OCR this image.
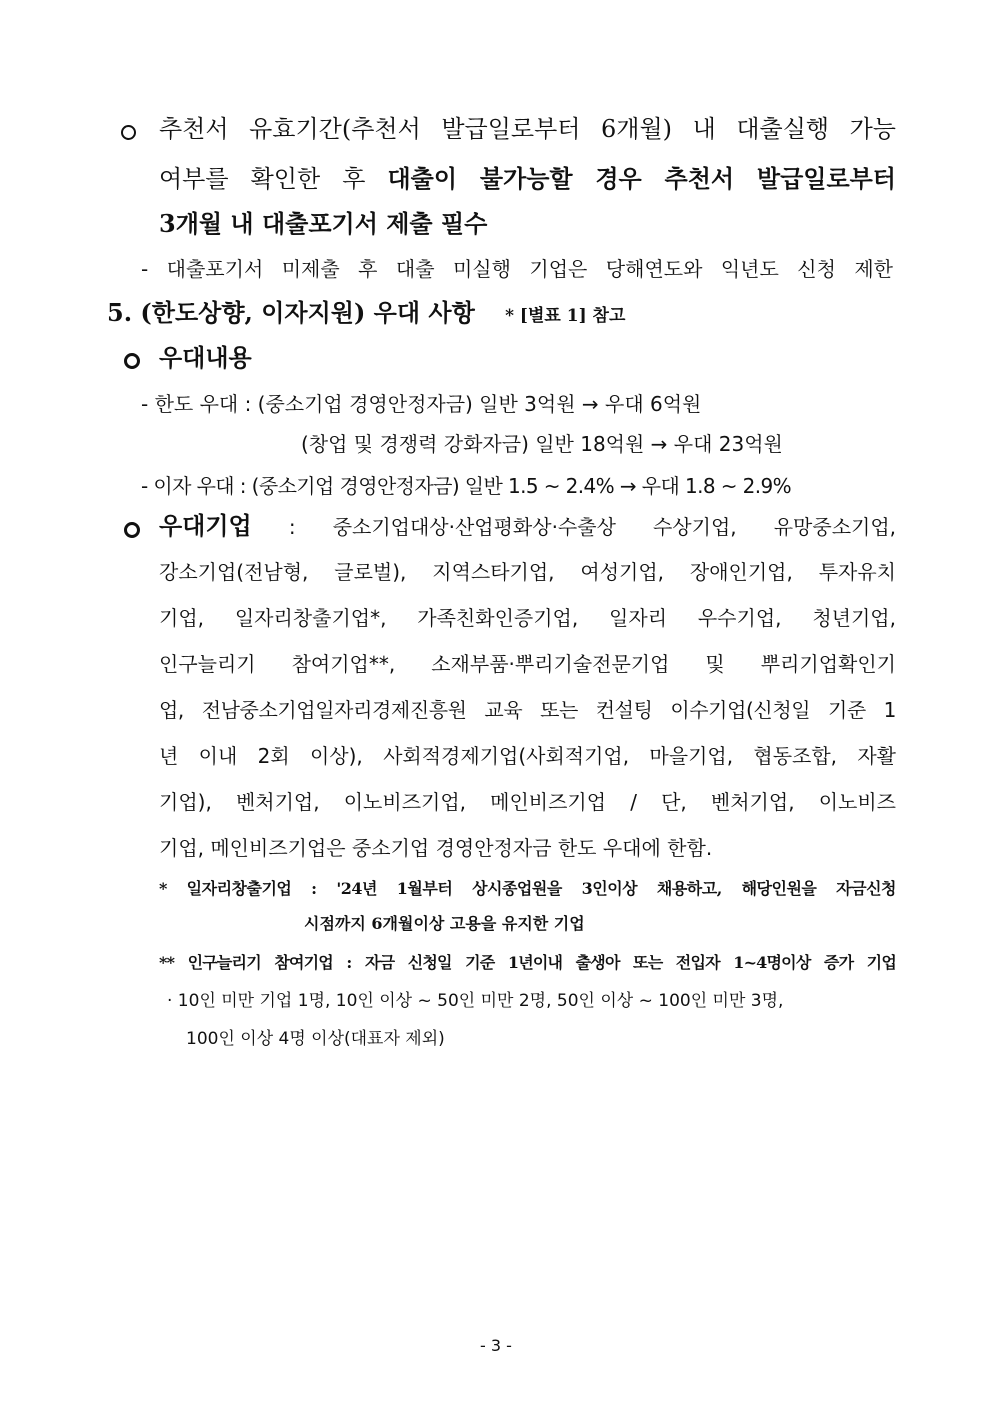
추천서 유효기간(추천서 발급일로부터 6개월) 내 대출실행 가능
여부를 확인한 후 대출이 불가능할 경우 추천서 발급일로부터
3개월 내 대출포기서 제출 필수
- 대출포기서 미제출 후 대출 미실행 기업은 당해연도와 익년도 신청 제한
5. (한도상향, 이자지원) 우대 사항 * [별표 1] 참고
우대내용
- 한도 우대 : (중소기업 경영안정자금) 일반 3억원 → 우대 6억원
(창업 및 경쟁력 강화자금) 일반 18억원 → 우대 23억원
- 이자 우대 : (중소기업 경영안정자금) 일반 1.5 ~ 2.4% → 우대 1.8 ~ 2.9%
우대기업 : 중소기업대상·산업평화상·수출상 수상기업, 유망중소기업,
강소기업(전남형, 글로벌), 지역스타기업, 여성기업, 장애인기업, 투자유치
기업, 일자리창출기업*, 가족친화인증기업, 일자리 우수기업, 청년기업,
인구늘리기 참여기업**, 소재부품·뿌리기술전문기업 및 뿌리기업확인기
업, 전남중소기업일자리경제진흥원 교육 또는 컨설팅 이수기업(신청일 기준 1
년 이내 2회 이상), 사회적경제기업(사회적기업, 마을기업, 협동조합, 자활
기업), 벤처기업, 이노비즈기업, 메인비즈기업 / 단, 벤처기업, 이노비즈
기업, 메인비즈기업은 중소기업 경영안정자금 한도 우대에 한함.
* 일자리창출기업 : '24년 1월부터 상시종업원을 3인이상 채용하고, 해당인원을 자금신청
시점까지 6개월이상 고용을 유지한 기업
** 인구늘리기 참여기업 : 자금 신청일 기준 1년이내 출생아 또는 전입자 1~4명이상 증가 기업
· 10인 미만 기업 1명, 10인 이상 ~ 50인 미만 2명, 50인 이상 ~ 100인 미만 3명,
100인 이상 4명 이상(대표자 제외)
- 3 -
